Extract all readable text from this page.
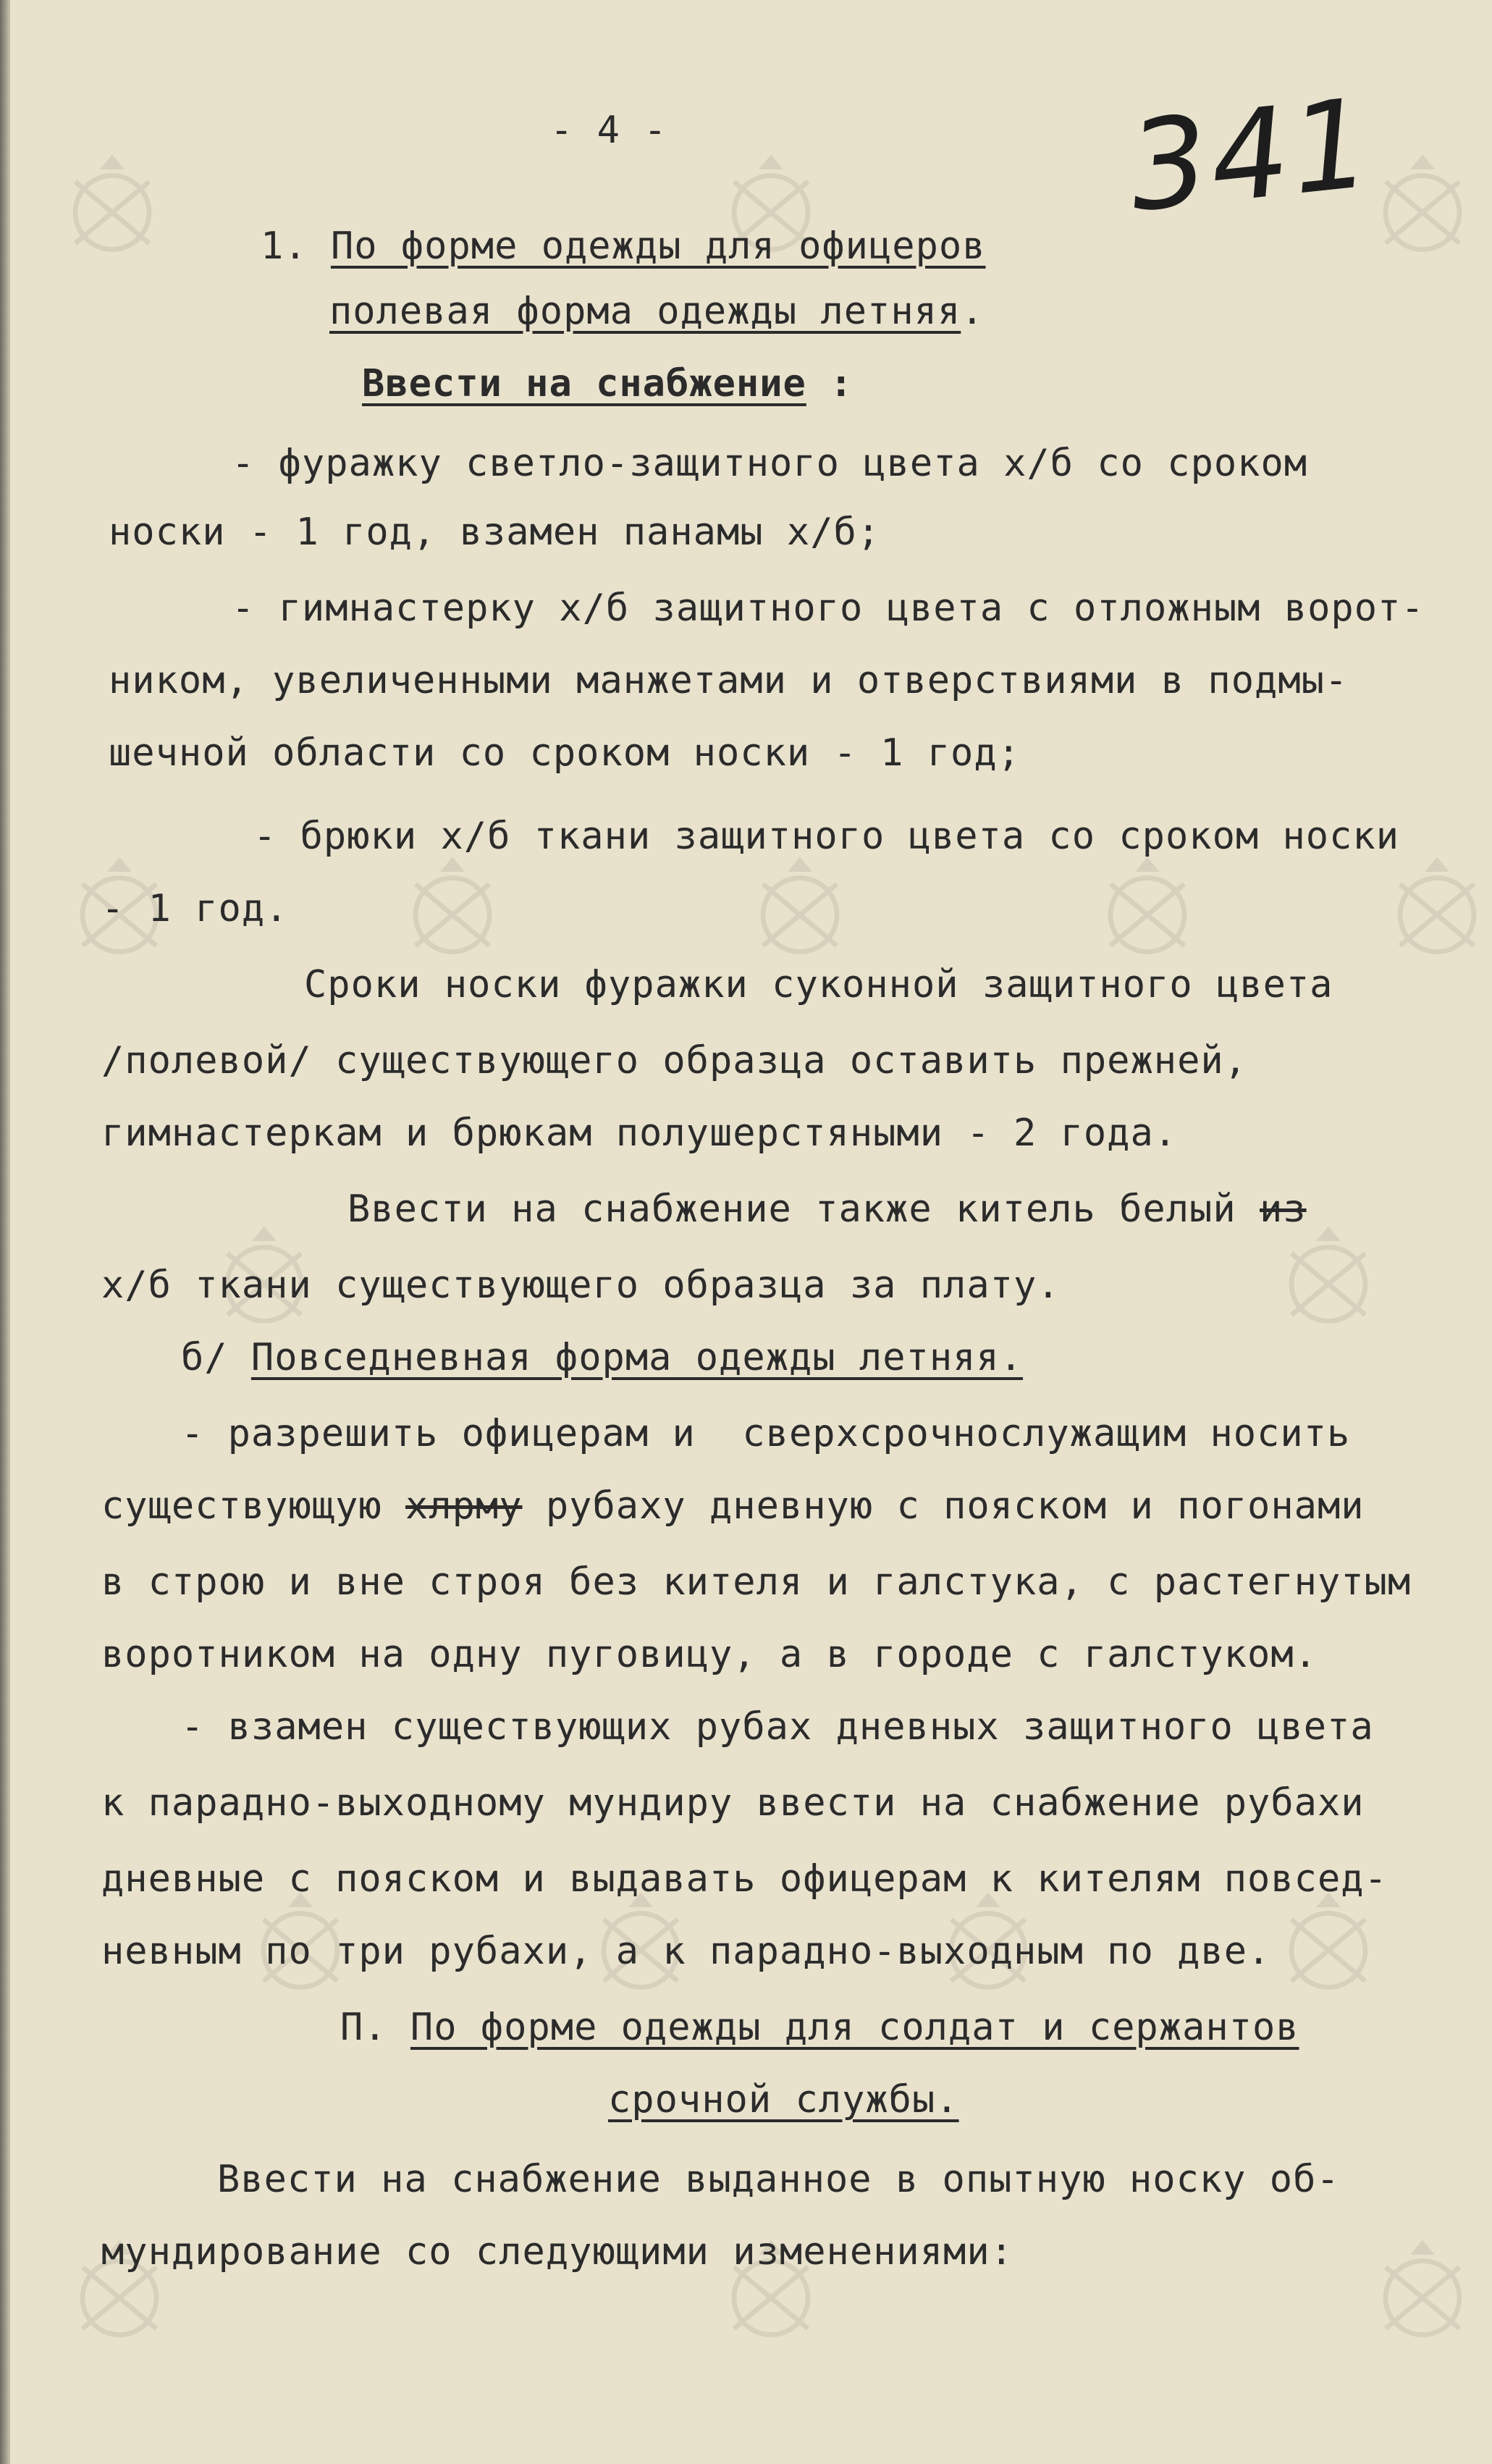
341
- 4 -
1. По форме одежды для офицеров
полевая форма одежды летняя.
Ввести на снабжение :
- фуражку светло-защитного цвета х/б со сроком
носки - 1 год, взамен панамы х/б;
- гимнастерку х/б защитного цвета с отложным ворот-
ником, увеличенными манжетами и отверствиями в подмы-
шечной области со сроком носки - 1 год;
- брюки х/б ткани защитного цвета со сроком носки
- 1 год.
Сроки носки фуражки суконной защитного цвета
/полевой/ существующего образца оставить прежней,
гимнастеркам и брюкам полушерстяными - 2 года.
Ввести на снабжение также китель белый из
х/б ткани существующего образца за плату.
б/ Повседневная форма одежды летняя.
- разрешить офицерам и  сверхсрочнослужащим носить
существующую хлрму рубаху дневную с пояском и погонами
в строю и вне строя без кителя и галстука, с растегнутым
воротником на одну пуговицу, а в городе с галстуком.
- взамен существующих рубах дневных защитного цвета
к парадно-выходному мундиру ввести на снабжение рубахи
дневные с пояском и выдавать офицерам к кителям повсед-
невным по три рубахи, а к парадно-выходным по две.
П. По форме одежды для солдат и сержантов
срочной службы.
Ввести на снабжение выданное в опытную носку об-
мундирование со следующими изменениями:
